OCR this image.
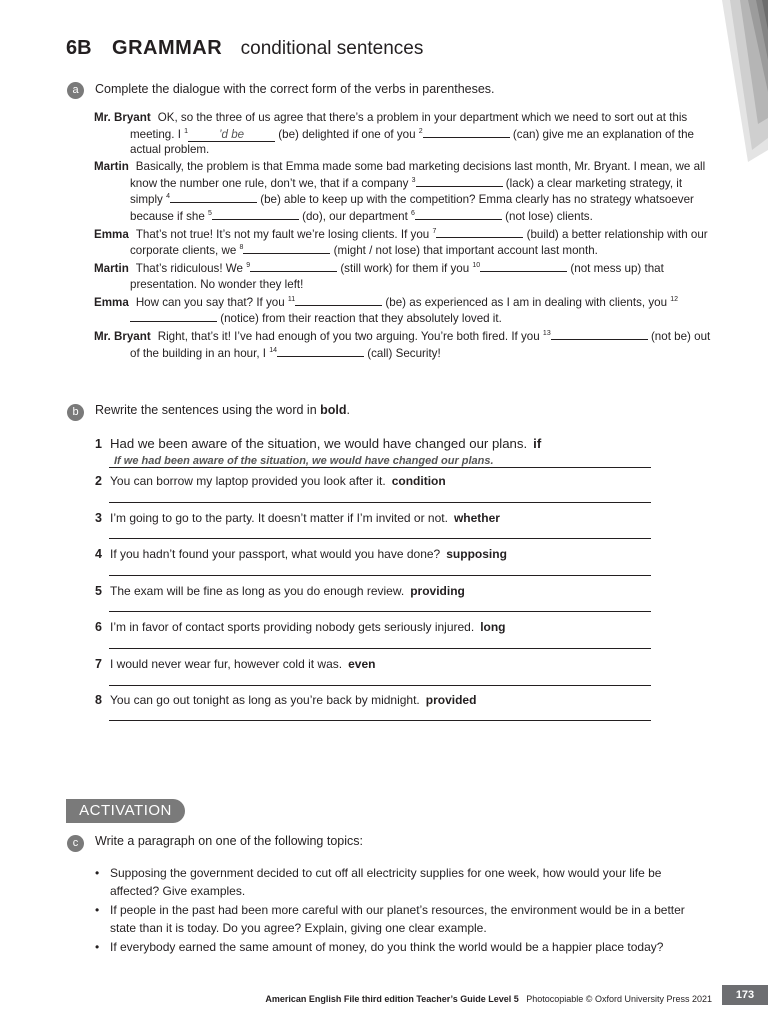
6B GRAMMAR conditional sentences
a	Complete the dialogue with the correct form of the verbs in parentheses.

Mr. Bryant OK, so the three of us agree that there’s a problem in your department which we need to sort out at this meeting. I $^1$	’d be	(be) delighted if one of you $^2$	(can) give me an explanation of the actual problem.

Martin Basically, the problem is that Emma made some bad marketing decisions last month, Mr. Bryant. I mean, we all know the number one rule, don’t we, that if a company $^3$	(lack) a clear marketing strategy, it simply $^4$	(be) able to keep up with the competition? Emma clearly has no strategy whatsoever because if she $^5$	(do), our department $^6$	(not lose) clients.

Emma That’s not true! It’s not my fault we’re losing clients. If you $^7$	(build) a better relationship with our corporate clients, we $^8$	(might / not lose) that important account last month.

Martin That’s ridiculous! We $^9$	(still work) for them if you $^{10}$	(not mess up) that presentation. No wonder they left!

Emma How can you say that? If you $^{11}$	(be) as experienced as I am in dealing with clients, you $^{12}$ (notice) from their reaction that they absolutely loved it.

Mr. Bryant Right, that’s it! I’ve had enough of you two arguing. You’re both fired. If you $^{13}$	(not be) out of the building in an hour, I $^{14}$	(call) Security!

b	Rewrite the sentences using the word in bold.
1 Had we been aware of the situation, we would have changed our plans. if
If we had been aware of the situation, we would have changed our plans.
2 You can borrow my laptop provided you look after it. condition
3 I’m going to go to the party. It doesn’t matter if I’m invited or not. whether
4 If you hadn’t found your passport, what would you have done? supposing
5 The exam will be fine as long as you do enough review. providing
6 I’m in favor of contact sports providing nobody gets seriously injured. long
7 I would never wear fur, however cold it was. even
8 You can go out tonight as long as you’re back by midnight. provided
ACTIVATION
c	Write a paragraph on one of the following topics:
• Supposing the government decided to cut off all electricity supplies for one week, how would your life be affected? Give examples.
• If people in the past had been more careful with our planet’s resources, the environment would be in a better state than it is today. Do you agree? Explain, giving one clear example.
• If everybody earned the same amount of money, do you think the world would be a happier place today?
American English File third edition Teacher’s Guide Level 5 Photocopiable © Oxford University Press 2021	173
